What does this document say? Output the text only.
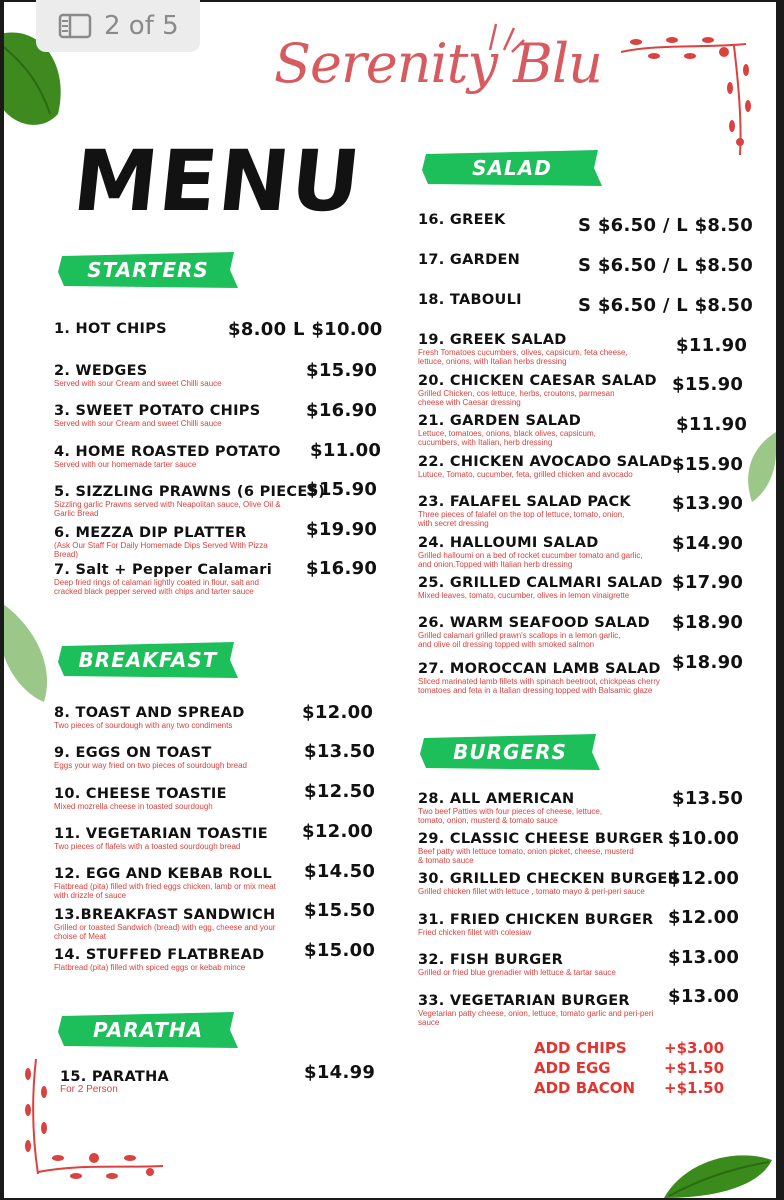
Serenity Blu
MENU
STARTERS
BREAKFAST
PARATHA
SALAD
BURGERS
1. HOT CHIPS	$8.00 L $10.00
2. WEDGES
Served with sour Cream and sweet Chilli sauce
$15.90
3. SWEET POTATO CHIPS
Served with sour Cream and sweet Chilli sauce
$16.90
4. HOME ROASTED POTATO
Served with our homemade tarter sauce
$11.00
5. SIZZLING PRAWNS (6 PIECES)
Sizzling garlic Prawns served with Neapolitan sauce, Olive Oil & Garlic Bread
$15.90
6. MEZZA DIP PLATTER
(Ask Our Staff For Daily Homemade Dips Served With Pizza Bread)
$19.90
7. Salt + Pepper Calamari
Deep fried rings of calamari lightly coated in flour, salt and cracked black pepper served with chips and tarter sauce
$16.90
8. TOAST AND SPREAD
Two pieces of sourdough with any two condiments
$12.00
9. EGGS ON TOAST
Eggs your way fried on two pieces of sourdough bread
$13.50
10. CHEESE TOASTIE
Mixed mozrella cheese in toasted sourdough
$12.50
11. VEGETARIAN TOASTIE
Two pieces of flafels with a toasted sourdough bread
$12.00
12. EGG AND KEBAB ROLL
Flatbread (pita) filled with fried eggs chicken, lamb or mix meat with drizzle of sauce
$14.50
13.BREAKFAST SANDWICH
Grilled or toasted Sandwich (bread) with egg, cheese and your choise of Meat
$15.50
14. STUFFED FLATBREAD
Flatbread (pita) filled with spiced eggs or kebab mince
$15.00
15. PARATHA
For 2 Person
$14.99
16. GREEK	S $6.50 / L $8.50
17. GARDEN	S $6.50 / L $8.50
18. TABOULI	S $6.50 / L $8.50
19. GREEK SALAD
Fresh Tomatoes cucumbers, olives, capsicum, feta cheese, lettuce, onions, with Italian herbs dressing
$11.90
20. CHICKEN CAESAR SALAD
Grilled Chicken, cos lettuce, herbs, croutons, parmesan cheese with Caesar dressing
$15.90
21. GARDEN SALAD
Lettuce, tomatoes, onions, black olives, capsicum, cucumbers, with Italian, herb dressing
$11.90
22. CHICKEN AVOCADO SALAD
Lutuce, Tomato, cucumber, feta, grilled chicken and avocado $15.90
23. FALAFEL SALAD PACK
Three pieces of falafel on the top of lettuce, tomato, onion, with secret dressing
$13.90
24. HALLOUMI SALAD
Grilled halloumi on a bed of rocket cucumber tomato and garlic, and onion.Topped with Italian herb dressing
$14.90
25. GRILLED CALMARI SALAD
Mixed leaves, tomato, cucumber, olives in lemon vinaigrette
$17.90
26. WARM SEAFOOD SALAD
Grilled calamari grilled prawn's scallops in a lemon garlic, and olive oil dressing topped with smoked salmon
$18.90
27. MOROCCAN LAMB SALAD
Sliced marinated lamb fillets with spinach beetroot, chickpeas cherry tomatoes and feta in a Italian dressing topped with Balsamic glaze
$18.90
28. ALL AMERICAN
Two beef Patties with four pieces of cheese, lettuce, tomato, onion, musterd & tomato sauce
$13.50
29. CLASSIC CHEESE BURGER
Beef patty with lettuce tomato, onion picket, cheese, musterd & tomato sauce
$10.00
30. GRILLED CHECKEN BURGER
Grilled chicken fillet with lettuce , tomato mayo & peri-peri sauce
$12.00
31. FRIED CHICKEN BURGER
Fried chicken fillet with colesiaw
$12.00
32. FISH BURGER
Grilled or fried blue grenadier with lettuce & tartar sauce
$13.00
33. VEGETARIAN BURGER
Vegetarian patty cheese, onion, lettuce, tomato garlic and peri-peri sauce
$13.00
ADD CHIPS +$3.00
ADD EGG	+$1.50
ADD BACON +$1.50
2 of 5
